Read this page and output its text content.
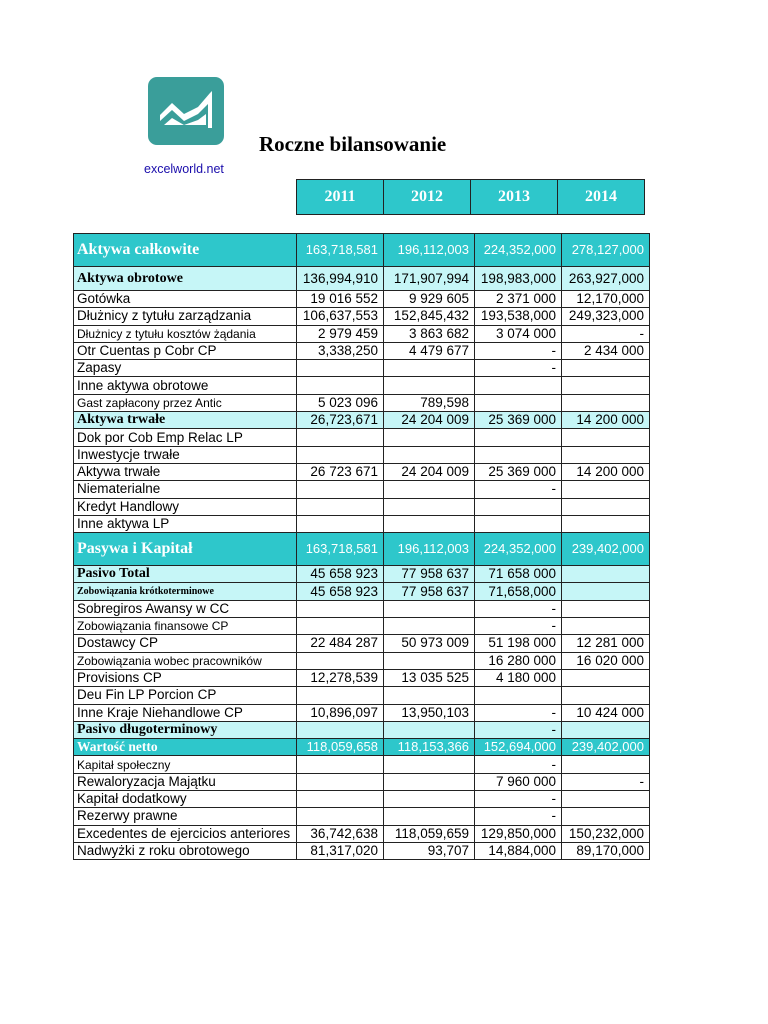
Roczne bilansowanie
excelworld.net
2011	2012	2013	2014
Aktywa całkowite	163,718,581	196,112,003	224,352,000	278,127,000
Aktywa obrotowe	136,994,910	171,907,994	198,983,000	263,927,000
Gotówka	19 016 552	9 929 605	2 371 000	12,170,000
Dłużnicy z tytułu zarządzania	106,637,553	152,845,432	193,538,000	249,323,000
Dłużnicy z tytułu kosztów żądania	2 979 459	3 863 682	3 074 000	-
Otr Cuentas p Cobr CP	3,338,250	4 479 677	-	2 434 000
Zapasy			-	
Inne aktywa obrotowe				
Gast zapłacony przez Antic	5 023 096	789,598		
Aktywa trwałe	26,723,671	24 204 009	25 369 000	14 200 000
Dok por Cob Emp Relac LP				
Inwestycje trwałe				
Aktywa trwałe	26 723 671	24 204 009	25 369 000	14 200 000
Niematerialne			-	
Kredyt Handlowy				
Inne aktywa LP				
Pasywa i Kapitał	163,718,581	196,112,003	224,352,000	239,402,000
Pasivo Total	45 658 923	77 958 637	71 658 000	
Zobowiązania krótkoterminowe	45 658 923	77 958 637	71,658,000	
Sobregiros Awansy w CC			-	
Zobowiązania finansowe CP			-	
Dostawcy CP	22 484 287	50 973 009	51 198 000	12 281 000
Zobowiązania wobec pracowników			16 280 000	16 020 000
Provisions CP	12,278,539	13 035 525	4 180 000	
Deu Fin LP Porcion CP				
Inne Kraje Niehandlowe CP	10,896,097	13,950,103	-	10 424 000
Pasivo długoterminowy			-	
Wartość netto	118,059,658	118,153,366	152,694,000	239,402,000
Kapitał społeczny			-	
Rewaloryzacja Majątku			7 960 000	-
Kapitał dodatkowy			-	
Rezerwy prawne			-	
Excedentes de ejercicios anteriores	36,742,638	118,059,659	129,850,000	150,232,000
Nadwyżki z roku obrotowego	81,317,020	93,707	14,884,000	89,170,000
